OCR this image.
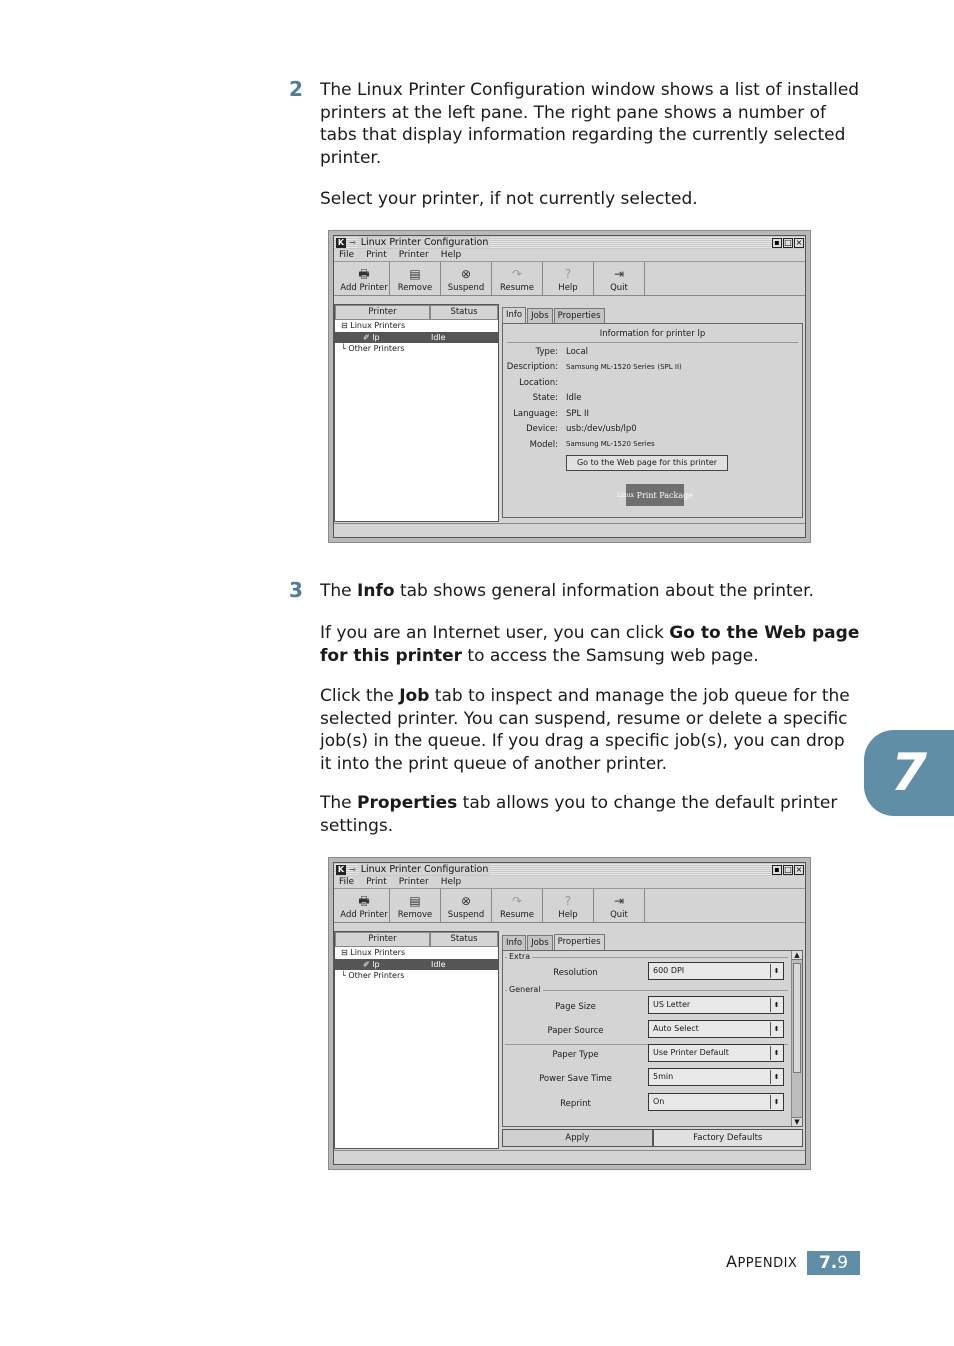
2 The Linux Printer Configuration window shows a list of installed printers at the left pane. The right pane shows a number of tabs that display information regarding the currently selected printer.
Select your printer, if not currently selected.
K ⊸ Linux Printer Configuration	▪ □ ×
File Print Printer Help
🖶
Add Printer
▤
Remove
⊗
Suspend
↷
Resume
?
Help
⇥
Quit
Printer	Status
⊟ Linux Printers
✐ lp	Idle
└ Other Printers
Info	Jobs	Properties
Information for printer lp
Type: Local
Description: Samsung ML-1520 Series (SPL II)
Location:
State: Idle
Language: SPL II
Device: usb:/dev/usb/lp0
Model: Samsung ML-1520 Series
Go to the Web page for this printer
Linux
Print
Package
3 The Info tab shows general information about the printer.
If you are an Internet user, you can click Go to the Web page for this printer to access the Samsung web page.
Click the Job tab to inspect and manage the job queue for the selected printer. You can suspend, resume or delete a specific job(s) in the queue. If you drag a specific job(s), you can drop it into the print queue of another printer.
The Properties tab allows you to change the default printer settings.
K ⊸ Linux Printer Configuration	▪ □ ×
File Print Printer Help
🖶
Add Printer
▤
Remove
⊗
Suspend
↷
Resume
?
Help
⇥
Quit
Printer	Status
⊟ Linux Printers
✐ lp	Idle
└ Other Printers
Info	Jobs	Properties
Extra
Resolution	600 DPI	⬍
General
Page Size	US Letter	⬍
Paper Source	Auto Select	⬍
Paper Type	Use Printer Default	⬍
Power Save Time	5min	⬍
Reprint	On	⬍
▲
▼
Apply	Factory Defaults
7
APPENDIX	7.9
